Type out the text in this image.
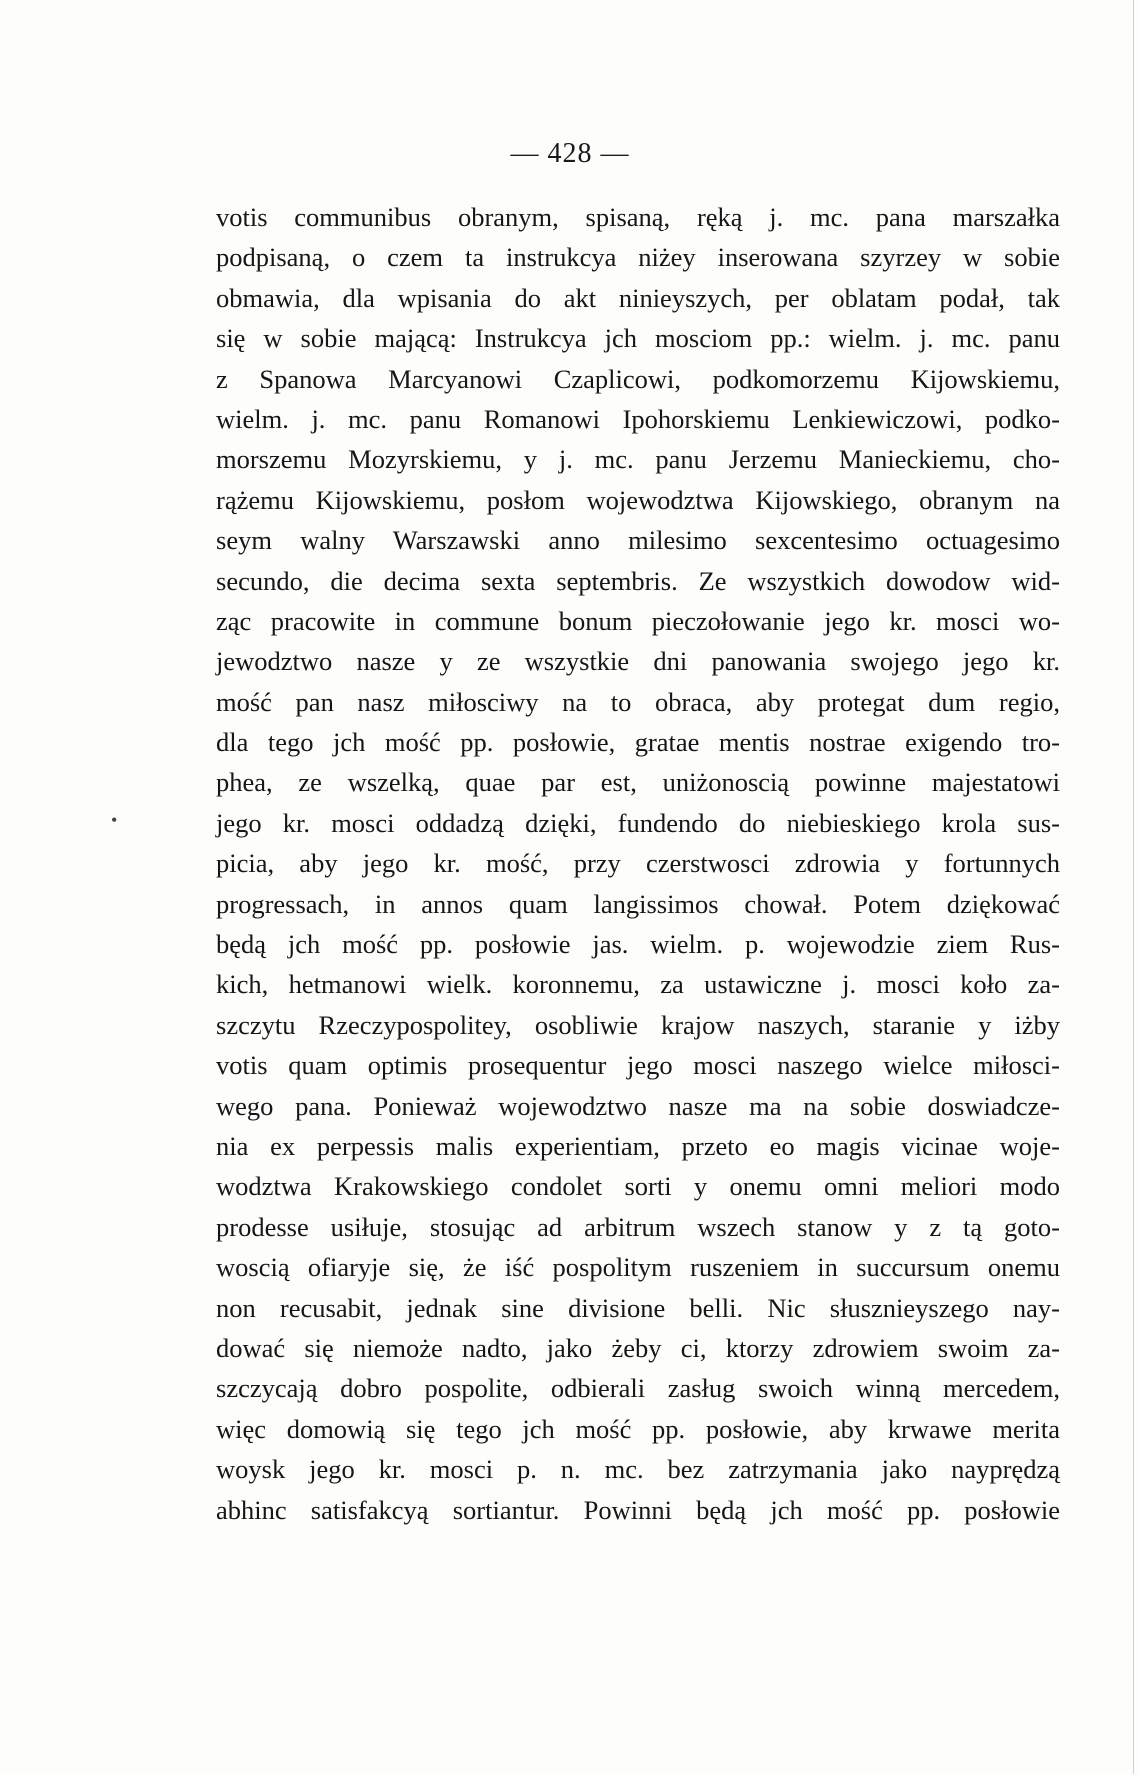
— 428 —
•
votis communibus obranym, spisaną, ręką j. mc. pana marszałka
podpisaną, o czem ta instrukcya niżey inserowana szyrzey w sobie
obmawia, dla wpisania do akt ninieyszych, per oblatam podał, tak
się w sobie mającą: Instrukcya jch mosciom pp.: wielm. j. mc. panu
z Spanowa Marcyanowi Czaplicowi, podkomorzemu Kijowskiemu,
wielm. j. mc. panu Romanowi Ipohorskiemu Lenkiewiczowi, podko-
morszemu Mozyrskiemu, y j. mc. panu Jerzemu Manieckiemu, cho-
rążemu Kijowskiemu, posłom wojewodztwa Kijowskiego, obranym na
seym walny Warszawski anno milesimo sexcentesimo octuagesimo
secundo, die decima sexta septembris. Ze wszystkich dowodow wid-
ząc pracowite in commune bonum pieczołowanie jego kr. mosci wo-
jewodztwo nasze y ze wszystkie dni panowania swojego jego kr.
mość pan nasz miłosciwy na to obraca, aby protegat dum regio,
dla tego jch mość pp. posłowie, gratae mentis nostrae exigendo tro-
phea, ze wszelką, quae par est, uniżonoscią powinne majestatowi
jego kr. mosci oddadzą dzięki, fundendo do niebieskiego krola sus-
picia, aby jego kr. mość, przy czerstwosci zdrowia y fortunnych
progressach, in annos quam langissimos chował. Potem dziękować
będą jch mość pp. posłowie jas. wielm. p. wojewodzie ziem Rus-
kich, hetmanowi wielk. koronnemu, za ustawiczne j. mosci koło za-
szczytu Rzeczypospolitey, osobliwie krajow naszych, staranie y iżby
votis quam optimis prosequentur jego mosci naszego wielce miłosci-
wego pana. Ponieważ wojewodztwo nasze ma na sobie doswiadcze-
nia ex perpessis malis experientiam, przeto eo magis vicinae woje-
wodztwa Krakowskiego condolet sorti y onemu omni meliori modo
prodesse usiłuje, stosując ad arbitrum wszech stanow y z tą goto-
woscią ofiaryje się, że iść pospolitym ruszeniem in succursum onemu
non recusabit, jednak sine divisione belli. Nic słusznieyszego nay-
dować się niemoże nadto, jako żeby ci, ktorzy zdrowiem swoim za-
szczycają dobro pospolite, odbierali zasług swoich winną mercedem,
więc domowią się tego jch mość pp. posłowie, aby krwawe merita
woysk jego kr. mosci p. n. mc. bez zatrzymania jako nayprędzą
abhinc satisfakcyą sortiantur. Powinni będą jch mość pp. posłowie
